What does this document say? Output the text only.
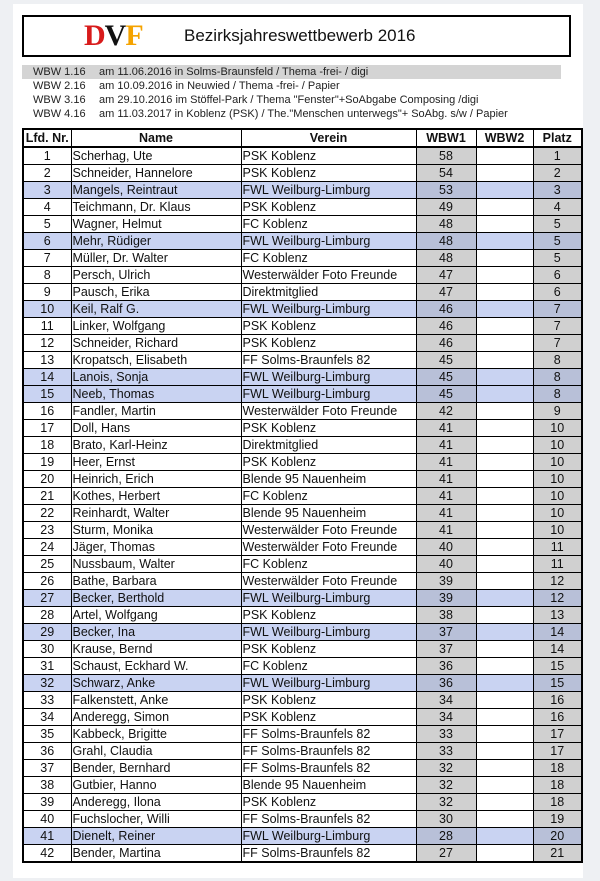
DVF Bezirksjahreswettbewerb 2016
WBW 1.16	am 11.06.2016 in Solms-Braunsfeld / Thema -frei- / digi
WBW 2.16	am 10.09.2016 in Neuwied / Thema -frei- / Papier
WBW 3.16	am 29.10.2016 im Stöffel-Park / Thema "Fenster"+SoAbgabe Composing /digi
WBW 4.16	am 11.03.2017 in Koblenz (PSK) / The."Menschen unterwegs"+ SoAbg. s/w / Papier
Lfd. Nr.	Name	Verein	WBW1	WBW2	Platz
1	Scherhag, Ute	PSK Koblenz	58		1
2	Schneider, Hannelore	PSK Koblenz	54		2
3	Mangels, Reintraut	FWL Weilburg-Limburg	53		3
4	Teichmann, Dr. Klaus	PSK Koblenz	49		4
5	Wagner, Helmut	FC Koblenz	48		5
6	Mehr, Rüdiger	FWL Weilburg-Limburg	48		5
7	Müller, Dr. Walter	FC Koblenz	48		5
8	Persch, Ulrich	Westerwälder Foto Freunde	47		6
9	Pausch, Erika	Direktmitglied	47		6
10	Keil, Ralf G.	FWL Weilburg-Limburg	46		7
11	Linker, Wolfgang	PSK Koblenz	46		7
12	Schneider, Richard	PSK Koblenz	46		7
13	Kropatsch, Elisabeth	FF Solms-Braunfels 82	45		8
14	Lanois, Sonja	FWL Weilburg-Limburg	45		8
15	Neeb, Thomas	FWL Weilburg-Limburg	45		8
16	Fandler, Martin	Westerwälder Foto Freunde	42		9
17	Doll, Hans	PSK Koblenz	41		10
18	Brato, Karl-Heinz	Direktmitglied	41		10
19	Heer, Ernst	PSK Koblenz	41		10
20	Heinrich, Erich	Blende 95 Nauenheim	41		10
21	Kothes, Herbert	FC Koblenz	41		10
22	Reinhardt, Walter	Blende 95 Nauenheim	41		10
23	Sturm, Monika	Westerwälder Foto Freunde	41		10
24	Jäger, Thomas	Westerwälder Foto Freunde	40		11
25	Nussbaum, Walter	FC Koblenz	40		11
26	Bathe, Barbara	Westerwälder Foto Freunde	39		12
27	Becker, Berthold	FWL Weilburg-Limburg	39		12
28	Artel, Wolfgang	PSK Koblenz	38		13
29	Becker, Ina	FWL Weilburg-Limburg	37		14
30	Krause, Bernd	PSK Koblenz	37		14
31	Schaust, Eckhard W.	FC Koblenz	36		15
32	Schwarz, Anke	FWL Weilburg-Limburg	36		15
33	Falkenstett, Anke	PSK Koblenz	34		16
34	Anderegg, Simon	PSK Koblenz	34		16
35	Kabbeck, Brigitte	FF Solms-Braunfels 82	33		17
36	Grahl, Claudia	FF Solms-Braunfels 82	33		17
37	Bender, Bernhard	FF Solms-Braunfels 82	32		18
38	Gutbier, Hanno	Blende 95 Nauenheim	32		18
39	Anderegg, Ilona	PSK Koblenz	32		18
40	Fuchslocher, Willi	FF Solms-Braunfels 82	30		19
41	Dienelt, Reiner	FWL Weilburg-Limburg	28		20
42	Bender, Martina	FF Solms-Braunfels 82	27		21
